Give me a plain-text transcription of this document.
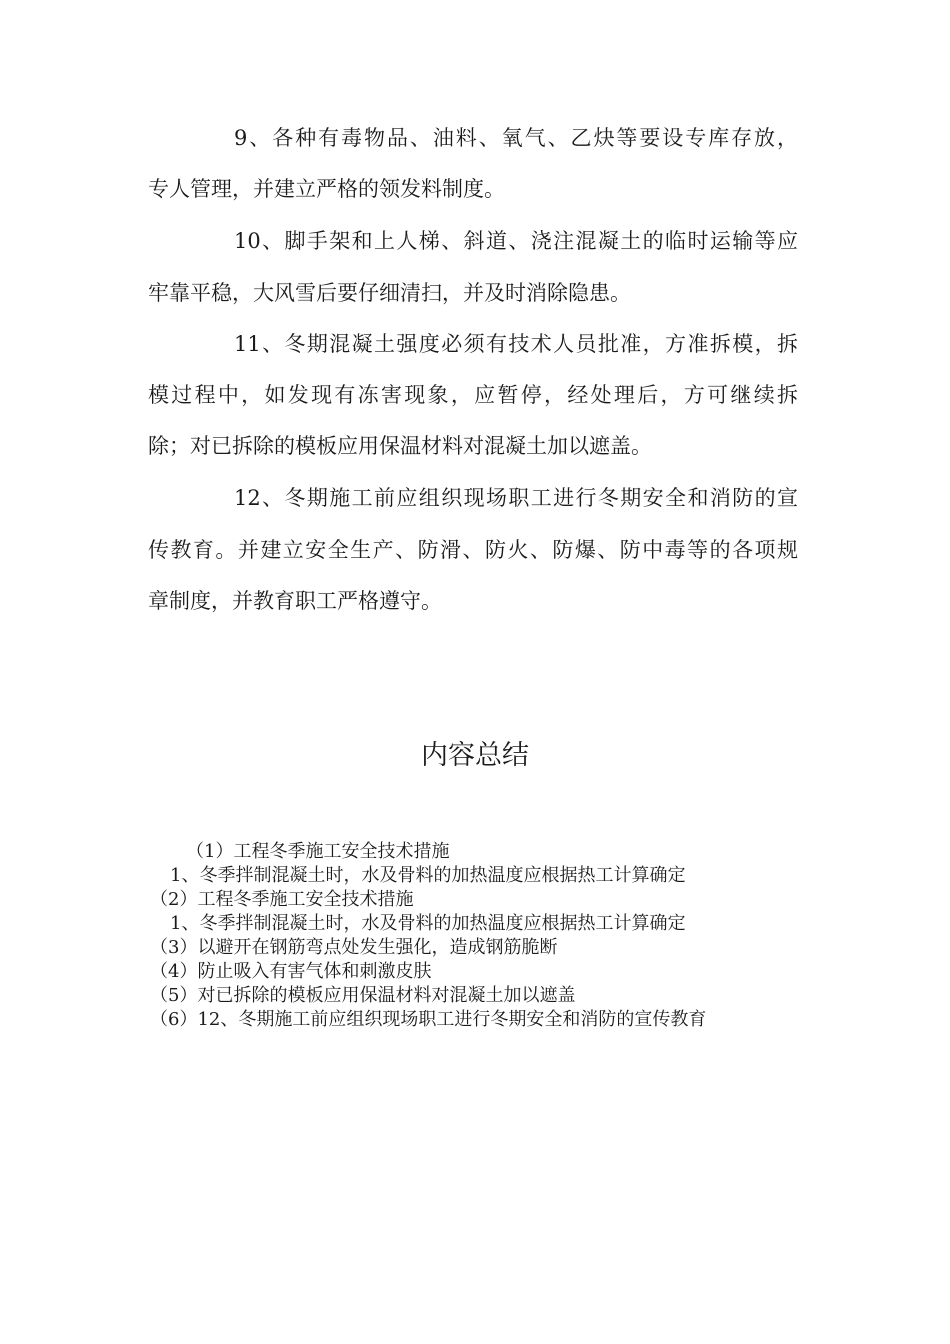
9、各种有毒物品、油料、氧气、乙炔等要设专库存放，
专人管理，并建立严格的领发料制度。
10、脚手架和上人梯、斜道、浇注混凝土的临时运输等应
牢靠平稳，大风雪后要仔细清扫，并及时消除隐患。
11、冬期混凝土强度必须有技术人员批准，方准拆模，拆
模过程中，如发现有冻害现象，应暂停，经处理后，方可继续拆
除；对已拆除的模板应用保温材料对混凝土加以遮盖。
12、冬期施工前应组织现场职工进行冬期安全和消防的宣
传教育。并建立安全生产、防滑、防火、防爆、防中毒等的各项规
章制度，并教育职工严格遵守。
内容总结
（1）工程冬季施工安全技术措施
1、冬季拌制混凝土时，水及骨料的加热温度应根据热工计算确定
（2）工程冬季施工安全技术措施
1、冬季拌制混凝土时，水及骨料的加热温度应根据热工计算确定
（3）以避开在钢筋弯点处发生强化，造成钢筋脆断
（4）防止吸入有害气体和刺激皮肤
（5）对已拆除的模板应用保温材料对混凝土加以遮盖
（6）12、冬期施工前应组织现场职工进行冬期安全和消防的宣传教育
